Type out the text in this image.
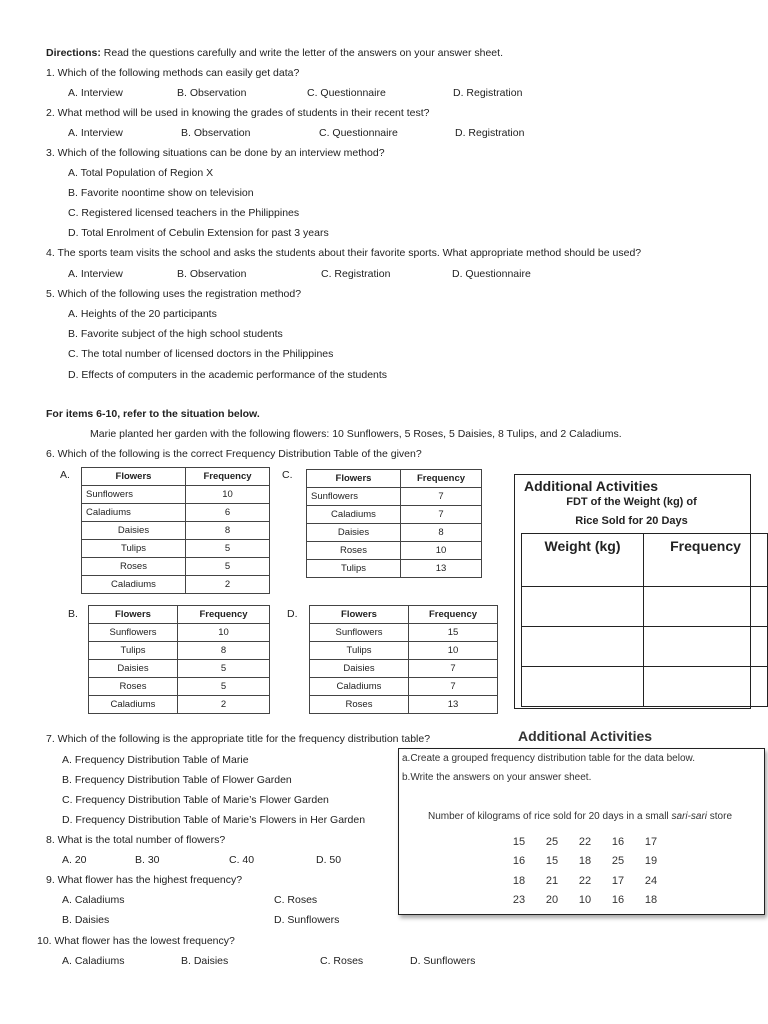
Directions: Read the questions carefully and write the letter of the answers on your answer sheet.
1. Which of the following methods can easily get data?
A. Interview	B. Observation	C. Questionnaire	D. Registration
2. What method will be used in knowing the grades of students in their recent test?
A. Interview	B. Observation	C. Questionnaire	D. Registration
3. Which of the following situations can be done by an interview method?
A. Total Population of Region X
B. Favorite noontime show on television
C. Registered licensed teachers in the Philippines
D. Total Enrolment of Cebulin Extension for past 3 years
4. The sports team visits the school and asks the students about their favorite sports. What appropriate method should be used?
A. Interview	B. Observation	C. Registration	D. Questionnaire
5. Which of the following uses the registration method?
A. Heights of the 20 participants
B. Favorite subject of the high school students
C. The total number of licensed doctors in the Philippines
D. Effects of computers in the academic performance of the students
For items 6-10, refer to the situation below.
Marie planted her garden with the following flowers: 10 Sunflowers, 5 Roses, 5 Daisies, 8 Tulips, and 2 Caladiums.
6. Which of the following is the correct Frequency Distribution Table of the given?
A.	Flowers	Frequency
Sunflowers	10
Caladiums	6
Daisies	8
Tulips	5
Roses	5
Caladiums	2
C.	Flowers	Frequency
Sunflowers	7
Caladiums	7
Daisies	8
Roses	10
Tulips	13
B.	Flowers	Frequency
Sunflowers	10
Tulips	8
Daisies	5
Roses	5
Caladiums	2
D.	Flowers	Frequency
Sunflowers	15
Tulips	10
Daisies	7
Caladiums	7
Roses	13
Additional Activities
FDT of the Weight (kg) of
Rice Sold for 20 Days
Weight (kg)	Frequency

7. Which of the following is the appropriate title for the frequency distribution table?
A. Frequency Distribution Table of Marie
B. Frequency Distribution Table of Flower Garden
C. Frequency Distribution Table of Marie’s Flower Garden
D. Frequency Distribution Table of Marie’s Flowers in Her Garden
Additional Activities
a.Create a grouped frequency distribution table for the data below.
b.Write the answers on your answer sheet.
Number of kilograms of rice sold for 20 days in a small sari-sari store
15	25	22	16	17
16	15	18	25	19
18	21	22	17	24
23	20	10	16	18
8. What is the total number of flowers?
A. 20	B. 30	C. 40	D. 50
9. What flower has the highest frequency?
A. Caladiums	C. Roses
B. Daisies	D. Sunflowers
10. What flower has the lowest frequency?
A. Caladiums	B. Daisies	C. Roses	D. Sunflowers
